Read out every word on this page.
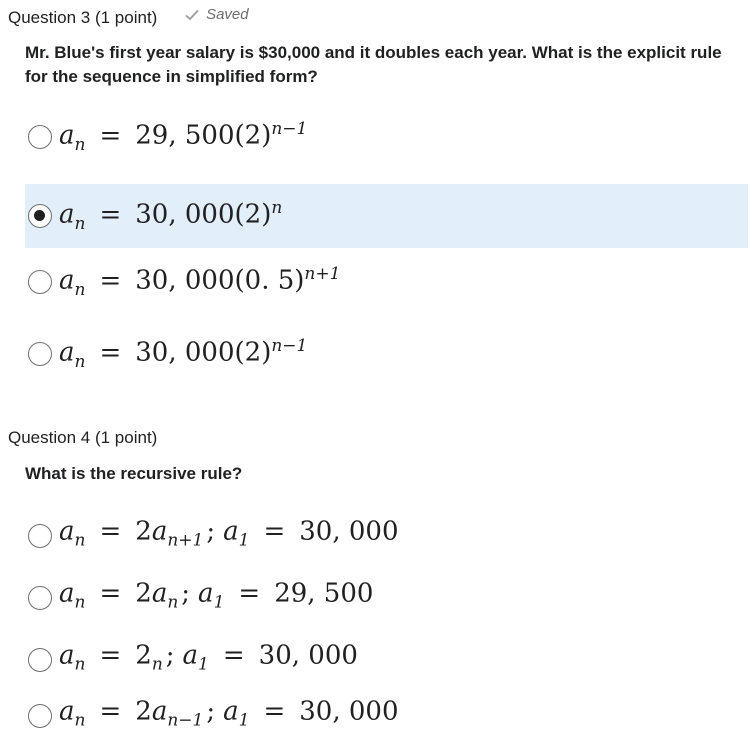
Question 3 (1 point)	Saved
Mr. Blue's first year salary is $30,000 and it doubles each year. What is the explicit rule for the sequence in simplified form?
$a_n = 29$, $500(2)^{n-1}$
$a_n = 30$, $000(2)^n$
$a_n = 30$, 000(0. 5)$^{n+1}$
$a_n = 30$, $000(2)^{n-1}$
Question 4 (1 point)
What is the recursive rule?
$a_n = 2a_{n+1}$ ; $a_1 = 30$, 000
$a_n = 2a_n$ ; $a_1 = 29$, 500
$a_n = 2_n$ ; $a_1 = 30$, 000
$a_n = 2a_{n-1}$ ; $a_1 = 30$, 000
